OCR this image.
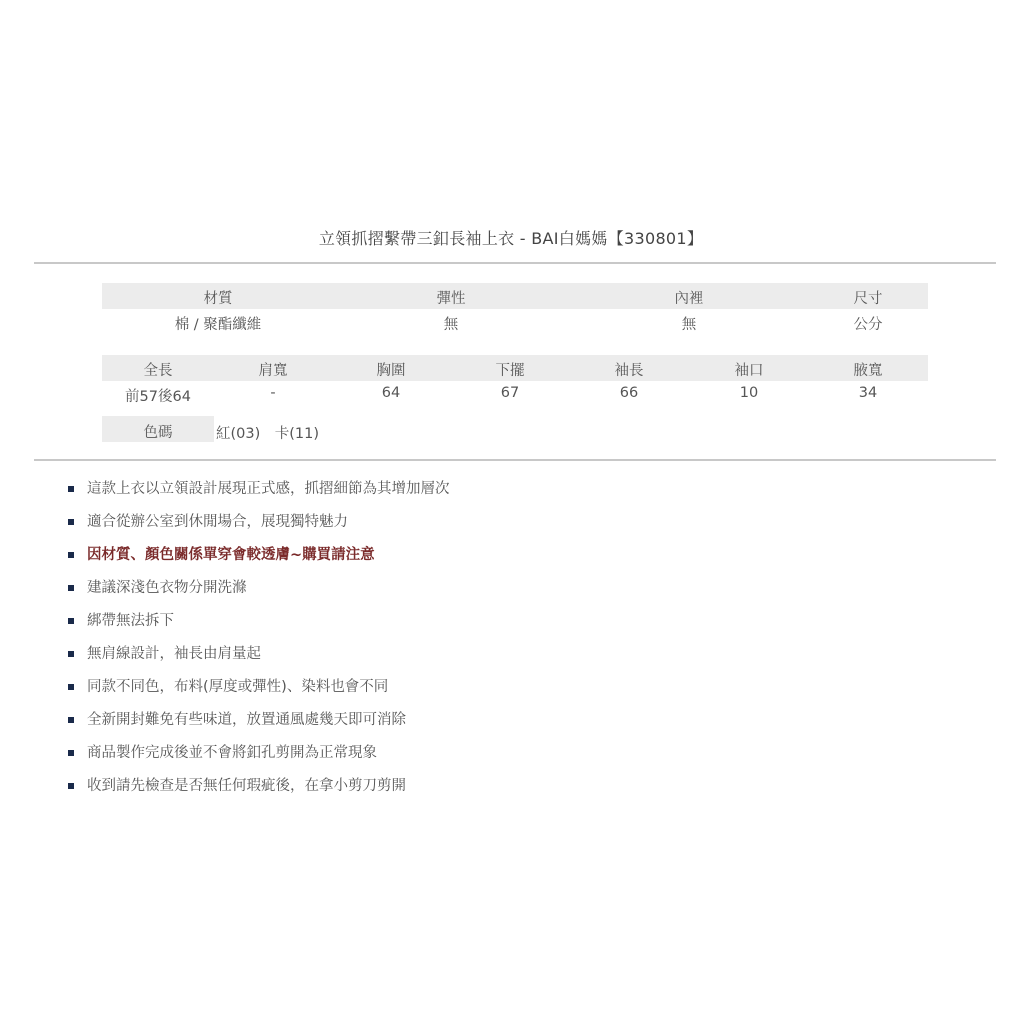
立領抓摺繫帶三釦長袖上衣 - BAI白媽媽【330801】
材質	彈性	內裡	尺寸
棉 / 聚酯纖維	無	無	公分
全長	肩寬	胸圍	下擺	袖長	袖口	腋寬
前57後64	-	64	67	66	10	34
色碼	紅(03)　卡(11)
這款上衣以立領設計展現正式感，抓摺細節為其增加層次
適合從辦公室到休閒場合，展現獨特魅力
因材質、顏色關係單穿會較透膚~購買請注意
建議深淺色衣物分開洗滌
綁帶無法拆下
無肩線設計，袖長由肩量起
同款不同色，布料(厚度或彈性)、染料也會不同
全新開封難免有些味道，放置通風處幾天即可消除
商品製作完成後並不會將釦孔剪開為正常現象
收到請先檢查是否無任何瑕疵後，在拿小剪刀剪開
